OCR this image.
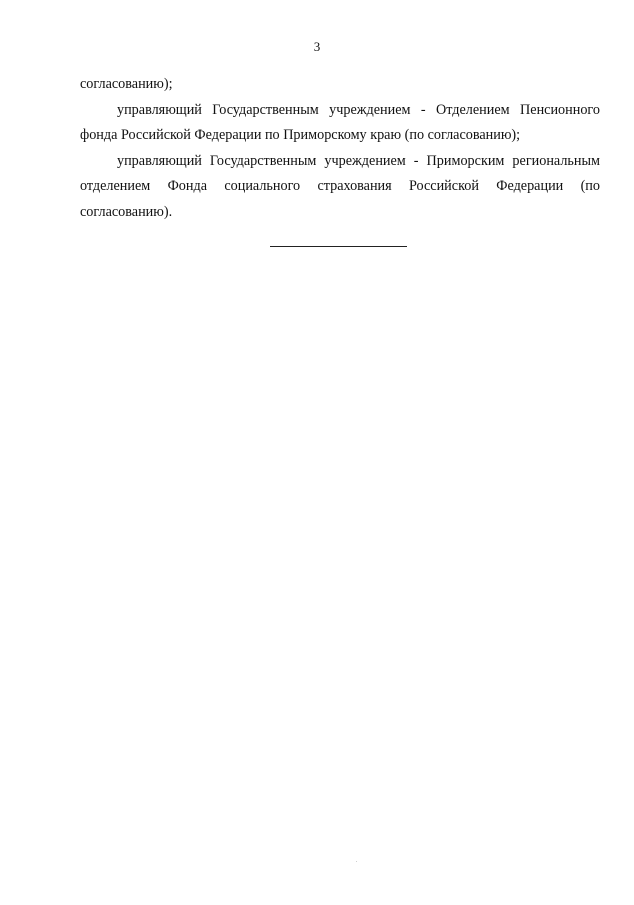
3

согласованию);

управляющий Государственным учреждением - Отделением Пенсионного фонда Российской Федерации по Приморскому краю (по согласованию);

управляющий Государственным учреждением - Приморским региональным отделением Фонда социального страхования Российской Федерации (по согласованию).
